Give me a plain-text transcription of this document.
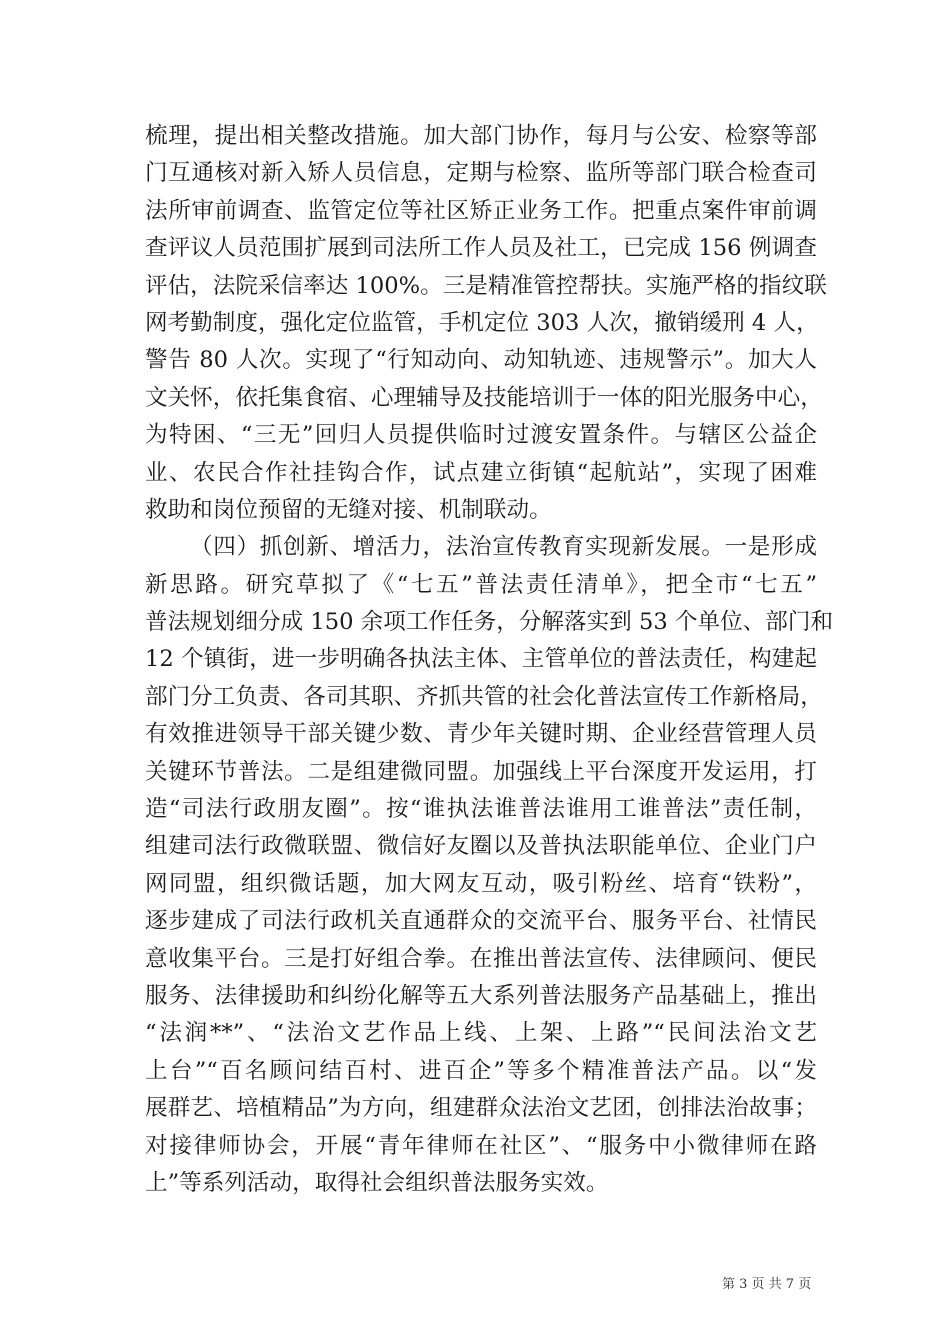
梳理，提出相关整改措施。加大部门协作，每月与公安、检察等部
门互通核对新入矫人员信息，定期与检察、监所等部门联合检查司
法所审前调查、监管定位等社区矫正业务工作。把重点案件审前调
查评议人员范围扩展到司法所工作人员及社工，已完成 156 例调查
评估，法院采信率达 100%。三是精准管控帮扶。实施严格的指纹联
网考勤制度，强化定位监管，手机定位 303 人次，撤销缓刑 4 人，
警告 80 人次。实现了“行知动向、动知轨迹、违规警示”。加大人
文关怀，依托集食宿、心理辅导及技能培训于一体的阳光服务中心，
为特困、“三无”回归人员提供临时过渡安置条件。与辖区公益企
业、农民合作社挂钩合作，试点建立街镇“起航站”，实现了困难
救助和岗位预留的无缝对接、机制联动。
（四）抓创新、增活力，法治宣传教育实现新发展。一是形成
新思路。研究草拟了《“七五”普法责任清单》，把全市“七五”
普法规划细分成 150 余项工作任务，分解落实到 53 个单位、部门和
12 个镇街，进一步明确各执法主体、主管单位的普法责任，构建起
部门分工负责、各司其职、齐抓共管的社会化普法宣传工作新格局，
有效推进领导干部关键少数、青少年关键时期、企业经营管理人员
关键环节普法。二是组建微同盟。加强线上平台深度开发运用，打
造“司法行政朋友圈”。按“谁执法谁普法谁用工谁普法”责任制，
组建司法行政微联盟、微信好友圈以及普执法职能单位、企业门户
网同盟，组织微话题，加大网友互动，吸引粉丝、培育“铁粉”，
逐步建成了司法行政机关直通群众的交流平台、服务平台、社情民
意收集平台。三是打好组合拳。在推出普法宣传、法律顾问、便民
服务、法律援助和纠纷化解等五大系列普法服务产品基础上，推出
“法润**”、“法治文艺作品上线、上架、上路”“民间法治文艺
上台”“百名顾问结百村、进百企”等多个精准普法产品。以“发
展群艺、培植精品”为方向，组建群众法治文艺团，创排法治故事；
对接律师协会，开展“青年律师在社区”、“服务中小微律师在路
上”等系列活动，取得社会组织普法服务实效。
第 3 页 共 7 页
